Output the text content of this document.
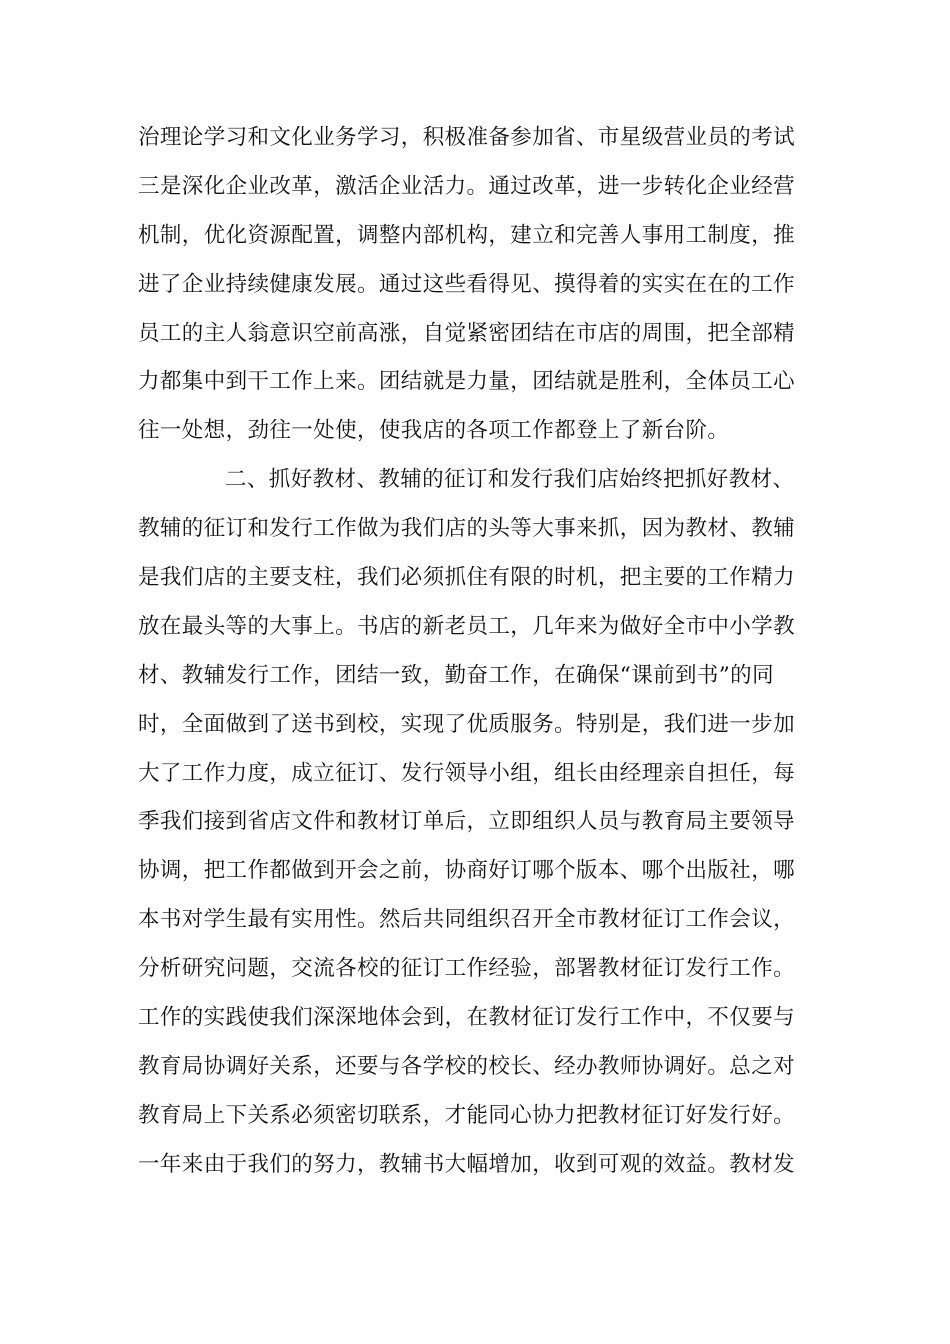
治理论学习和文化业务学习，积极准备参加省、市星级营业员的考试
三是深化企业改革，激活企业活力。通过改革，进一步转化企业经营
机制，优化资源配置，调整内部机构，建立和完善人事用工制度，推
进了企业持续健康发展。通过这些看得见、摸得着的实实在在的工作
员工的主人翁意识空前高涨，自觉紧密团结在市店的周围，把全部精
力都集中到干工作上来。团结就是力量，团结就是胜利，全体员工心
往一处想，劲往一处使，使我店的各项工作都登上了新台阶。
二、抓好教材、教辅的征订和发行我们店始终把抓好教材、
教辅的征订和发行工作做为我们店的头等大事来抓，因为教材、教辅
是我们店的主要支柱，我们必须抓住有限的时机，把主要的工作精力
放在最头等的大事上。书店的新老员工，几年来为做好全市中小学教
材、教辅发行工作，团结一致，勤奋工作，在确保“课前到书”的同
时，全面做到了送书到校，实现了优质服务。特别是，我们进一步加
大了工作力度，成立征订、发行领导小组，组长由经理亲自担任，每
季我们接到省店文件和教材订单后，立即组织人员与教育局主要领导
协调，把工作都做到开会之前，协商好订哪个版本、哪个出版社，哪
本书对学生最有实用性。然后共同组织召开全市教材征订工作会议，
分析研究问题，交流各校的征订工作经验，部署教材征订发行工作。
工作的实践使我们深深地体会到，在教材征订发行工作中，不仅要与
教育局协调好关系，还要与各学校的校长、经办教师协调好。总之对
教育局上下关系必须密切联系，才能同心协力把教材征订好发行好。
一年来由于我们的努力，教辅书大幅增加，收到可观的效益。教材发
